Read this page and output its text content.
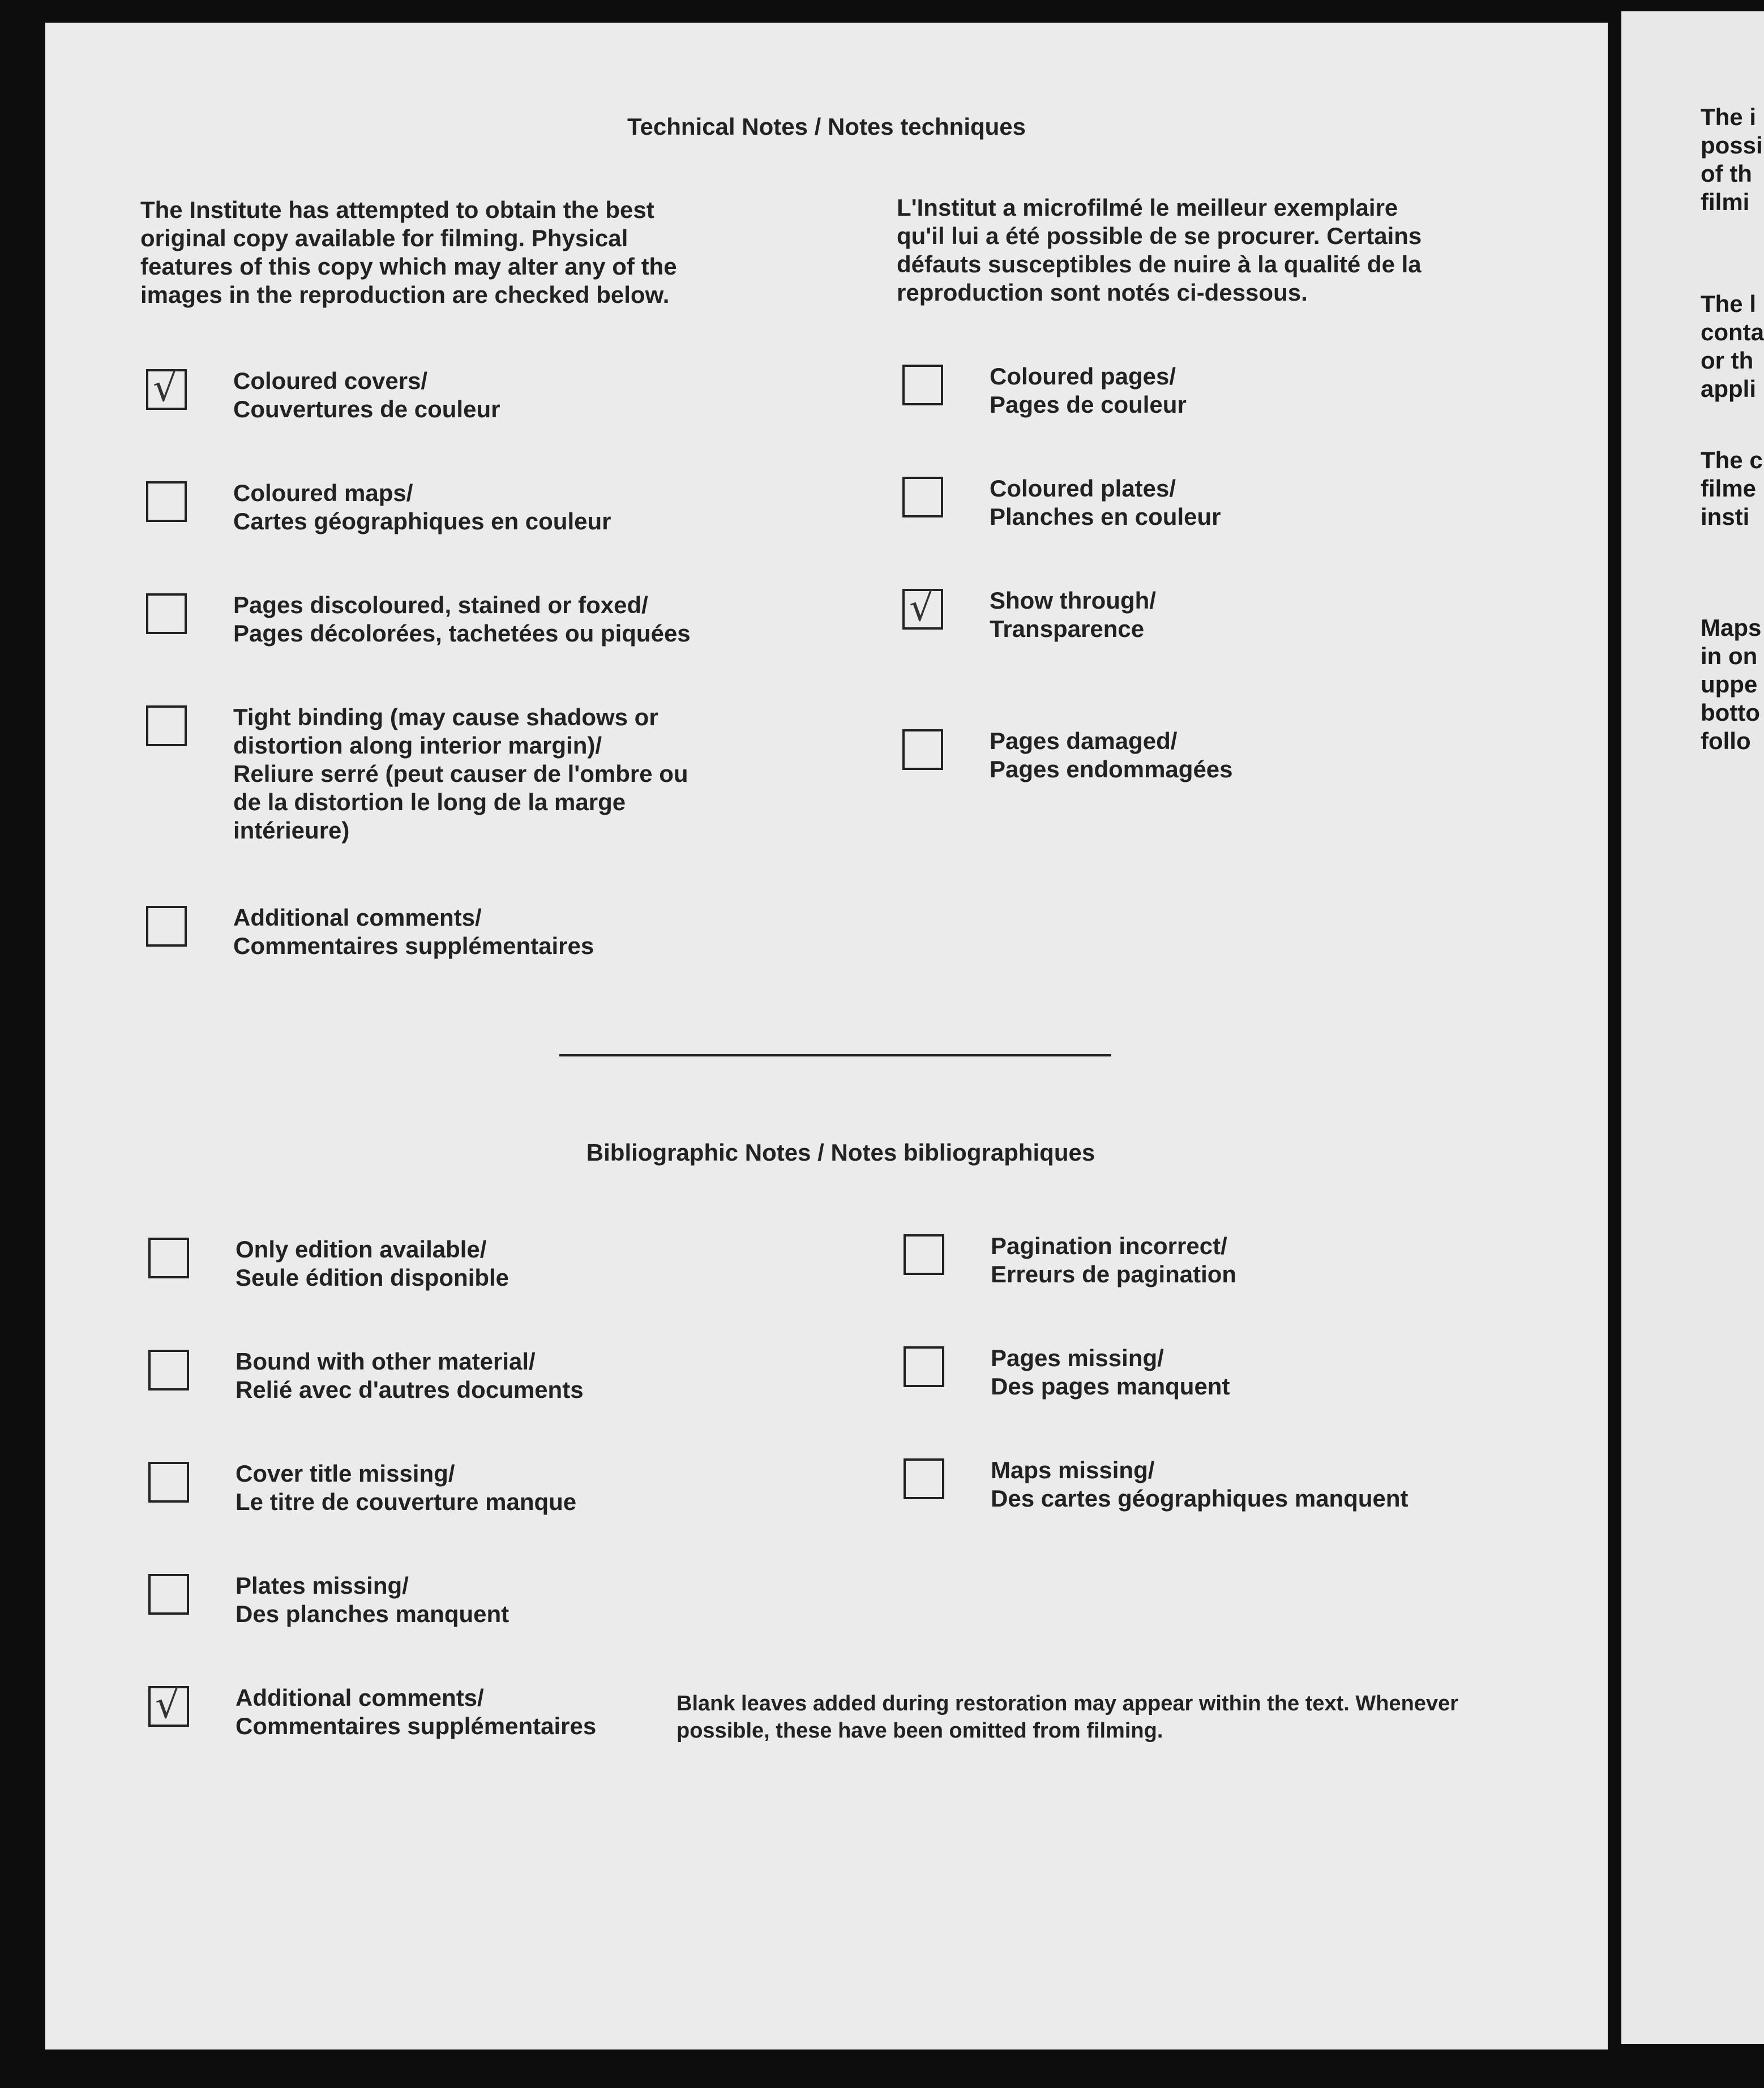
Technical Notes / Notes techniques
The Institute has attempted to obtain the best
original copy available for filming. Physical
features of this copy which may alter any of the
images in the reproduction are checked below.
L'Institut a microfilmé le meilleur exemplaire
qu'il lui a été possible de se procurer. Certains
défauts susceptibles de nuire à la qualité de la
reproduction sont notés ci-dessous.
√ Coloured covers/
Couvertures de couleur
Coloured maps/
Cartes géographiques en couleur
Pages discoloured, stained or foxed/
Pages décolorées, tachetées ou piquées
Tight binding (may cause shadows or
distortion along interior margin)/
Reliure serré (peut causer de l'ombre ou
de la distortion le long de la marge
intérieure)
Additional comments/
Commentaires supplémentaires
Coloured pages/
Pages de couleur
Coloured plates/
Planches en couleur
√ Show through/
Transparence
Pages damaged/
Pages endommagées
Bibliographic Notes / Notes bibliographiques
Only edition available/
Seule édition disponible
Bound with other material/
Relié avec d'autres documents
Cover title missing/
Le titre de couverture manque
Plates missing/
Des planches manquent
√ Additional comments/
Commentaires supplémentaires
Blank leaves added during restoration may appear within the text. Whenever
possible, these have been omitted from filming.
Pagination incorrect/
Erreurs de pagination
Pages missing/
Des pages manquent
Maps missing/
Des cartes géographiques manquent
The i
possi
of th
filmi
The l
conta
or th
appli
The c
filme
insti
Maps
in on
uppe
botto
follo
